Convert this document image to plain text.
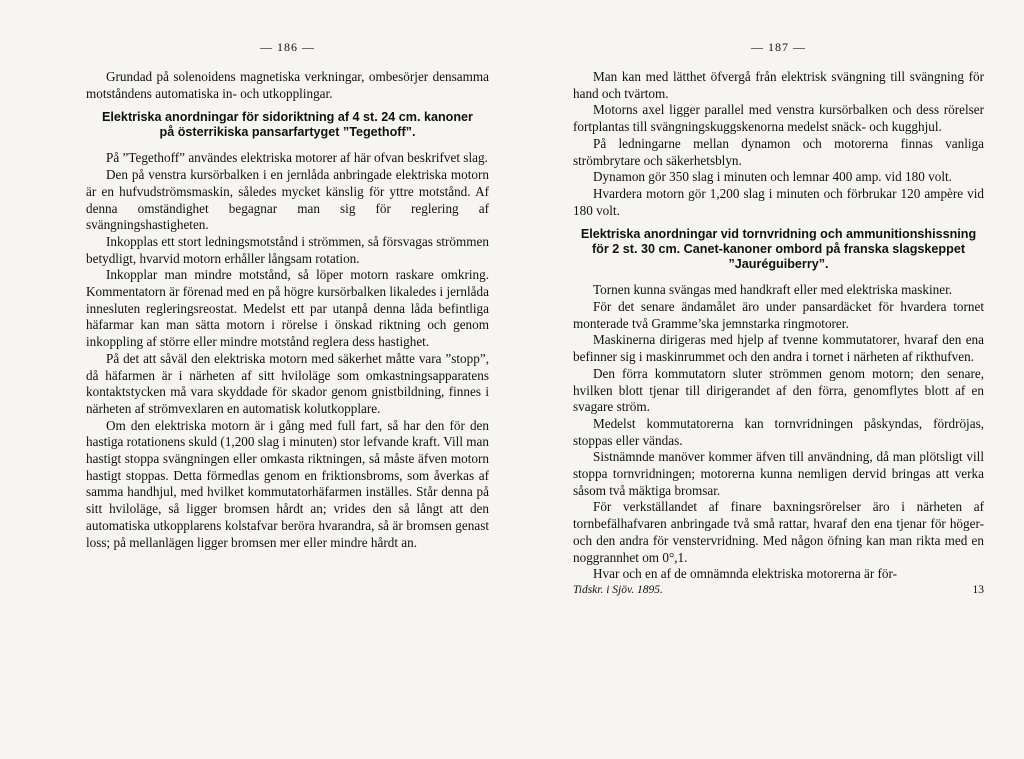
— 186 —

Grundad på solenoidens magnetiska verkningar, ombesörjer densamma motståndens automatiska in- och utkopplingar.

Elektriska anordningar för sidoriktning af 4 st. 24 cm. kanoner
på österrikiska pansarfartyget ”Tegethoff”.

På ”Tegethoff” användes elektriska motorer af här ofvan beskrifvet slag.

Den på venstra kursörbalken i en jernlåda anbringade elektriska motorn är en hufvudströmsmaskin, således mycket känslig för yttre motstånd. Af denna omständighet begagnar man sig för reglering af svängningshastigheten.

Inkopplas ett stort ledningsmotstånd i strömmen, så försvagas strömmen betydligt, hvarvid motorn erhåller långsam rotation.

Inkopplar man mindre motstånd, så löper motorn raskare omkring. Kommentatorn är förenad med en på högre kursörbalken likaledes i jernlåda innesluten regleringsreostat. Medelst ett par utanpå denna låda befintliga häfarmar kan man sätta motorn i rörelse i önskad riktning och genom inkoppling af större eller mindre motstånd reglera dess hastighet.

På det att såväl den elektriska motorn med säkerhet måtte vara ”stopp”, då häfarmen är i närheten af sitt hviloläge som omkastningsapparatens kontaktstycken må vara skyddade för skador genom gnistbildning, finnes i närheten af strömvexlaren en automatisk kolutkopplare.

Om den elektriska motorn är i gång med full fart, så har den för den hastiga rotationens skuld (1,200 slag i minuten) stor lefvande kraft. Vill man hastigt stoppa svängningen eller omkasta riktningen, så måste äfven motorn hastigt stoppas. Detta förmedlas genom en friktionsbroms, som åverkas af samma handhjul, med hvilket kommutatorhäfarmen inställes. Står denna på sitt hviloläge, så ligger bromsen hårdt an; vrides den så långt att den automatiska utkopplarens kolstafvar beröra hvarandra, så är bromsen genast loss; på mellanlägen ligger bromsen mer eller mindre hårdt an.

— 187 —

Man kan med lätthet öfvergå från elektrisk svängning till svängning för hand och tvärtom.

Motorns axel ligger parallel med venstra kursörbalken och dess rörelser fortplantas till svängningskuggskenorna medelst snäck- och kugghjul.

På ledningarne mellan dynamon och motorerna finnas vanliga strömbrytare och säkerhetsblyn.

Dynamon gör 350 slag i minuten och lemnar 400 amp. vid 180 volt.

Hvardera motorn gör 1,200 slag i minuten och förbrukar 120 ampère vid 180 volt.

Elektriska anordningar vid tornvridning och ammunitionshissning
för 2 st. 30 cm. Canet-kanoner ombord på franska slagskeppet
”Jauréguiberry”.

Tornen kunna svängas med handkraft eller med elektriska maskiner.

För det senare ändamålet äro under pansardäcket för hvardera tornet monterade två Gramme’ska jemnstarka ringmotorer.

Maskinerna dirigeras med hjelp af tvenne kommutatorer, hvaraf den ena befinner sig i maskinrummet och den andra i tornet i närheten af rikthufven.

Den förra kommutatorn sluter strömmen genom motorn; den senare, hvilken blott tjenar till dirigerandet af den förra, genomflytes blott af en svagare ström.

Medelst kommutatorerna kan tornvridningen påskyndas, fördröjas, stoppas eller vändas.

Sistnämnde manöver kommer äfven till användning, då man plötsligt vill stoppa tornvridningen; motorerna kunna nemligen dervid bringas att verka såsom två mäktiga bromsar.

För verkställandet af finare baxningsrörelser äro i närheten af tornbefälhafvaren anbringade två små rattar, hvaraf den ena tjenar för höger- och den andra för venstervridning. Med någon öfning kan man rikta med en noggrannhet om 0°,1.

Hvar och en af de omnämnda elektriska motorerna är för-

Tidskr. i Sjöv. 1895.	13
